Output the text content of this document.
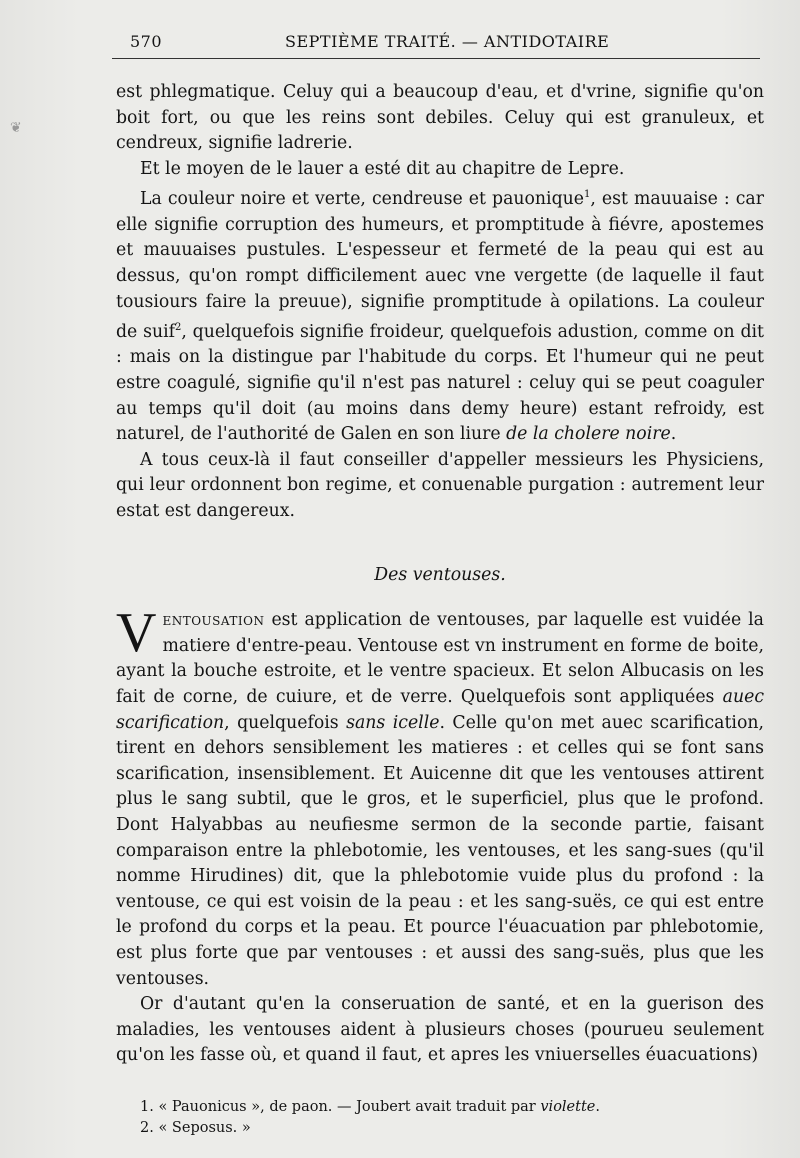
❦
570	SEPTIÈME TRAITÉ. — ANTIDOTAIRE

est phlegmatique. Celuy qui a beaucoup d'eau, et d'vrine, signifie qu'on boit fort, ou que les reins sont debiles. Celuy qui est granuleux, et cendreux, signifie ladrerie.

Et le moyen de le lauer a esté dit au chapitre de Lepre.

La couleur noire et verte, cendreuse et pauonique$^1$, est mauuaise : car elle signifie corruption des humeurs, et promptitude à fiévre, apostemes et mauuaises pustules. L'espesseur et fermeté de la peau qui est au dessus, qu'on rompt difficilement auec vne vergette (de laquelle il faut tousiours faire la preuue), signifie promptitude à opilations. La couleur de suif$^2$, quelquefois signifie froideur, quelquefois adustion, comme on dit : mais on la distingue par l'habitude du corps. Et l'humeur qui ne peut estre coagulé, signifie qu'il n'est pas naturel : celuy qui se peut coaguler au temps qu'il doit (au moins dans demy heure) estant refroidy, est naturel, de l'authorité de Galen en son liure de la cholere noire.

A tous ceux-là il faut conseiller d'appeller messieurs les Physiciens, qui leur ordonnent bon regime, et conuenable purgation : autrement leur estat est dangereux.

Des ventouses.

Ventousation est application de ventouses, par laquelle est vuidée la matiere d'entre-peau. Ventouse est vn instrument en forme de boite, ayant la bouche estroite, et le ventre spacieux. Et selon Albucasis on les fait de corne, de cuiure, et de verre. Quelquefois sont appliquées auec scarification, quelquefois sans icelle. Celle qu'on met auec scarification, tirent en dehors sensiblement les matieres : et celles qui se font sans scarification, insensiblement. Et Auicenne dit que les ventouses attirent plus le sang subtil, que le gros, et le superficiel, plus que le profond. Dont Halyabbas au neufiesme sermon de la seconde partie, faisant comparaison entre la phlebotomie, les ventouses, et les sang-sues (qu'il nomme Hirudines) dit, que la phlebotomie vuide plus du profond : la ventouse, ce qui est voisin de la peau : et les sang-suës, ce qui est entre le profond du corps et la peau. Et pource l'éuacuation par phlebotomie, est plus forte que par ventouses : et aussi des sang-suës, plus que les ventouses.

Or d'autant qu'en la conseruation de santé, et en la guerison des maladies, les ventouses aident à plusieurs choses (pourueu seulement qu'on les fasse où, et quand il faut, et apres les vniuerselles éuacuations)

1. « Pauonicus », de paon. — Joubert avait traduit par violette.
2. « Seposus. »
